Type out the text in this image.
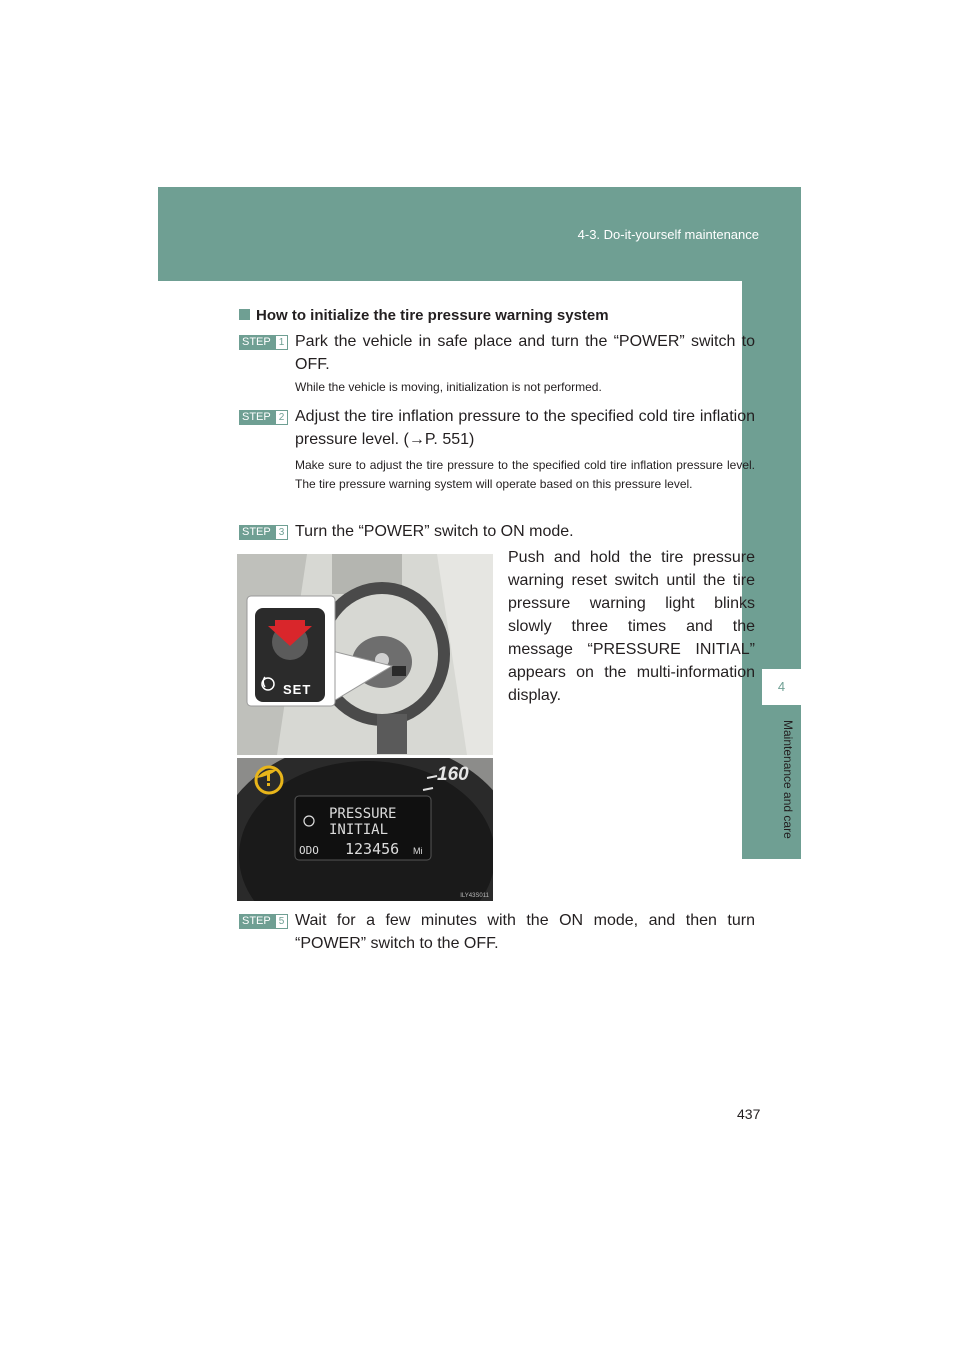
4-3. Do-it-yourself maintenance
4
Maintenance and care
437
How to initialize the tire pressure warning system
STEP 1 Park the vehicle in safe place and turn the “POWER” switch to OFF.
While the vehicle is moving, initialization is not performed.
STEP 2 Adjust the tire inflation pressure to the specified cold tire inflation pressure level. (→P. 551)
Make sure to adjust the tire pressure to the specified cold tire inflation pressure level. The tire pressure warning system will operate based on this pressure level.
STEP 3 Turn the “POWER” switch to ON mode.
Push and hold the tire pressure warning reset switch until the tire pressure warning light blinks slowly three times and the message “PRESSURE INITIAL” appears on the multi-information display.
SET
PRESSURE
INITIAL
ODO 123456 Mi
160
ILY43S011
STEP 5 Wait for a few minutes with the ON mode, and then turn “POWER” switch to the OFF.
